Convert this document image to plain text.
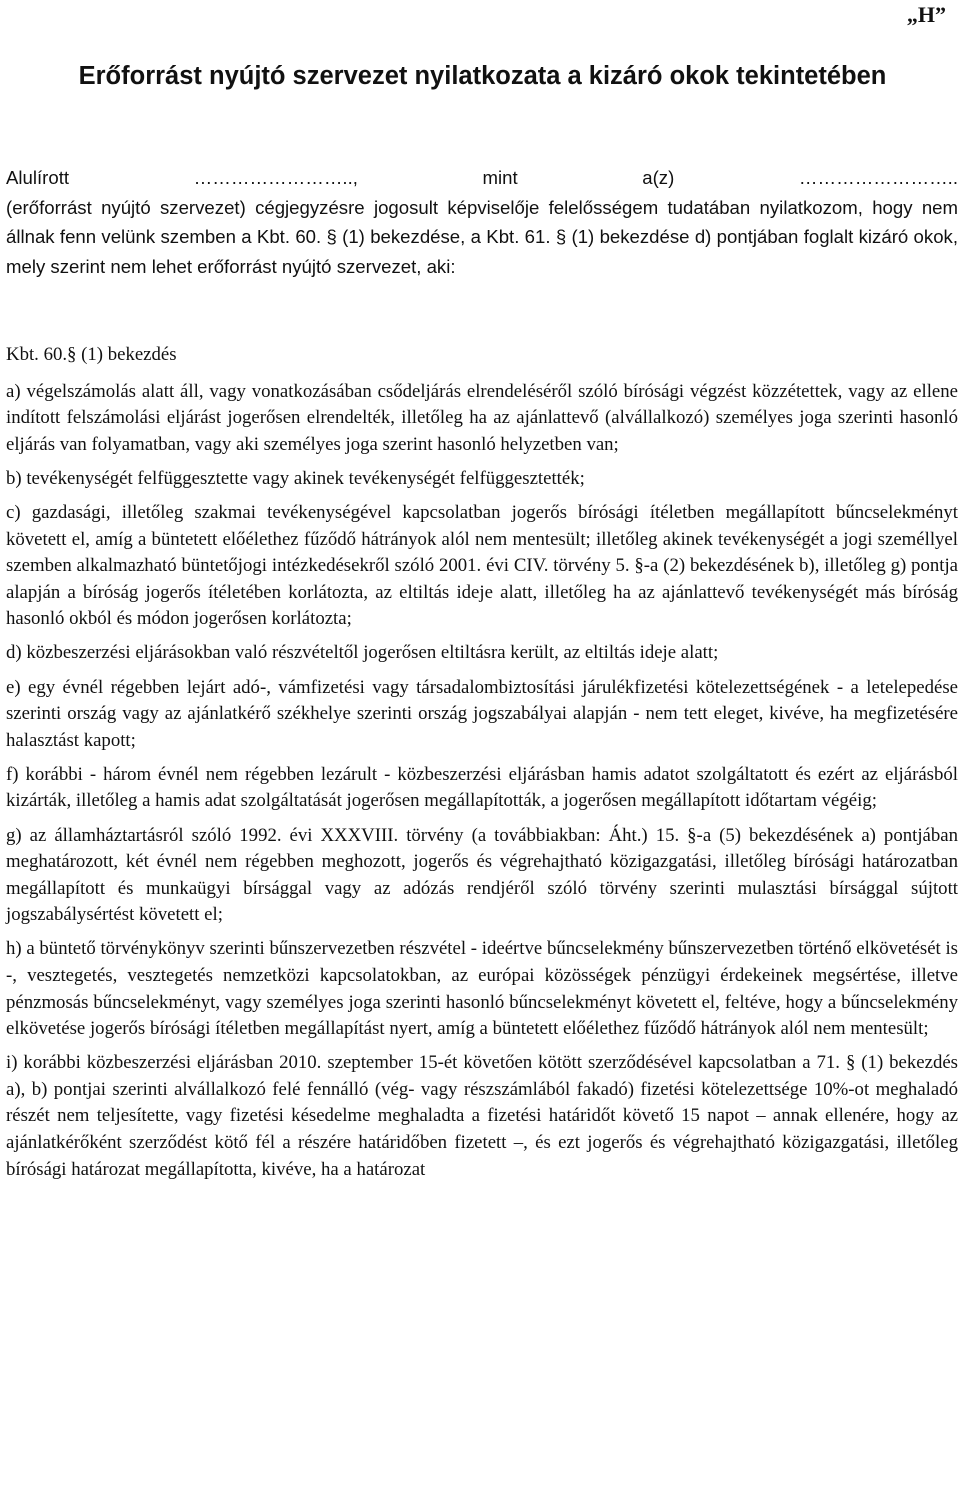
„H”
Erőforrást nyújtó szervezet nyilatkozata a kizáró okok tekintetében
Alulírott	……………………..,	mint	a(z)	……………………..
(erőforrást nyújtó szervezet) cégjegyzésre jogosult képviselője felelősségem tudatában nyilatkozom, hogy nem állnak fenn velünk szemben a Kbt. 60. § (1) bekezdése, a Kbt. 61. § (1) bekezdése d) pontjában foglalt kizáró okok, mely szerint nem lehet erőforrást nyújtó szervezet, aki:

Kbt. 60.§ (1) bekezdés

a) végelszámolás alatt áll, vagy vonatkozásában csődeljárás elrendeléséről szóló bírósági végzést közzétettek, vagy az ellene indított felszámolási eljárást jogerősen elrendelték, illetőleg ha az ajánlattevő (alvállalkozó) személyes joga szerinti hasonló eljárás van folyamatban, vagy aki személyes joga szerint hasonló helyzetben van;

b) tevékenységét felfüggesztette vagy akinek tevékenységét felfüggesztették;

c) gazdasági, illetőleg szakmai tevékenységével kapcsolatban jogerős bírósági ítéletben megállapított bűncselekményt követett el, amíg a büntetett előélethez fűződő hátrányok alól nem mentesült; illetőleg akinek tevékenységét a jogi személlyel szemben alkalmazható büntetőjogi intézkedésekről szóló 2001. évi CIV. törvény 5. §-a (2) bekezdésének b), illetőleg g) pontja alapján a bíróság jogerős ítéletében korlátozta, az eltiltás ideje alatt, illetőleg ha az ajánlattevő tevékenységét más bíróság hasonló okból és módon jogerősen korlátozta;

d) közbeszerzési eljárásokban való részvételtől jogerősen eltiltásra került, az eltiltás ideje alatt;

e) egy évnél régebben lejárt adó-, vámfizetési vagy társadalombiztosítási járulékfizetési kötelezettségének - a letelepedése szerinti ország vagy az ajánlatkérő székhelye szerinti ország jogszabályai alapján - nem tett eleget, kivéve, ha megfizetésére halasztást kapott;

f) korábbi - három évnél nem régebben lezárult - közbeszerzési eljárásban hamis adatot szolgáltatott és ezért az eljárásból kizárták, illetőleg a hamis adat szolgáltatását jogerősen megállapították, a jogerősen megállapított időtartam végéig;

g) az államháztartásról szóló 1992. évi XXXVIII. törvény (a továbbiakban: Áht.) 15. §-a (5) bekezdésének a) pontjában meghatározott, két évnél nem régebben meghozott, jogerős és végrehajtható közigazgatási, illetőleg bírósági határozatban megállapított és munkaügyi bírsággal vagy az adózás rendjéről szóló törvény szerinti mulasztási bírsággal sújtott jogszabálysértést követett el;

h) a büntető törvénykönyv szerinti bűnszervezetben részvétel - ideértve bűncselekmény bűnszervezetben történő elkövetését is -, vesztegetés, vesztegetés nemzetközi kapcsolatokban, az európai közösségek pénzügyi érdekeinek megsértése, illetve pénzmosás bűncselekményt, vagy személyes joga szerinti hasonló bűncselekményt követett el, feltéve, hogy a bűncselekmény elkövetése jogerős bírósági ítéletben megállapítást nyert, amíg a büntetett előélethez fűződő hátrányok alól nem mentesült;

i) korábbi közbeszerzési eljárásban 2010. szeptember 15-ét követően kötött szerződésével kapcsolatban a 71. § (1) bekezdés a), b) pontjai szerinti alvállalkozó felé fennálló (vég- vagy részszámlából fakadó) fizetési kötelezettsége 10%-ot meghaladó részét nem teljesítette, vagy fizetési késedelme meghaladta a fizetési határidőt követő 15 napot – annak ellenére, hogy az ajánlatkérőként szerződést kötő fél a részére határidőben fizetett –, és ezt jogerős és végrehajtható közigazgatási, illetőleg bírósági határozat megállapította, kivéve, ha a határozat
